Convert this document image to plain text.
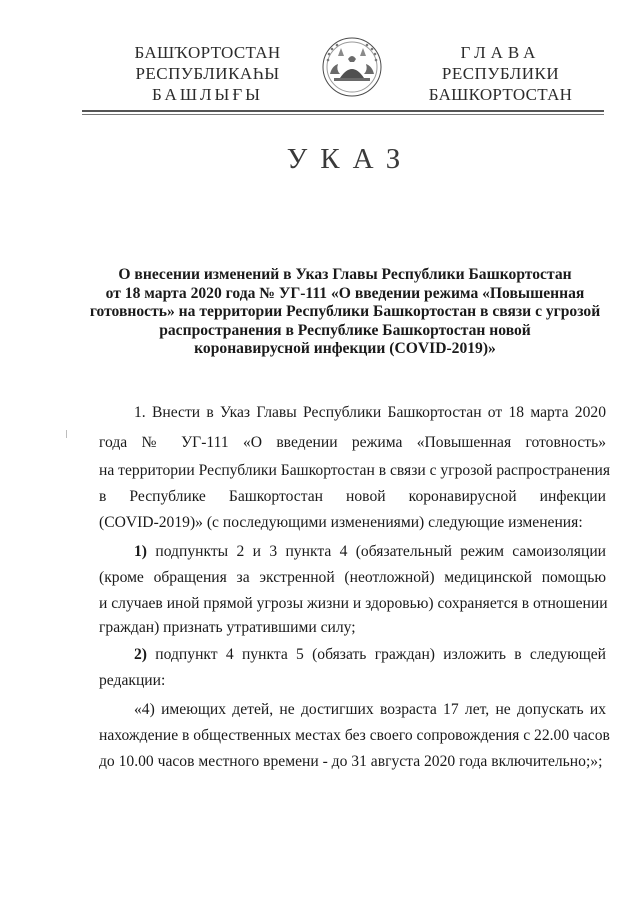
БАШҠОРТОСТАН
РЕСПУБЛИКАҺЫ
БАШЛЫҒЫ
ГЛАВА
РЕСПУБЛИКИ
БАШКОРТОСТАН
УКАЗ
О внесении изменений в Указ Главы Республики Башкортостан
от 18 марта 2020 года № УГ-111 «О введении режима «Повышенная
готовность» на территории Республики Башкортостан в связи с угрозой
распространения в Республике Башкортостан новой
коронавирусной инфекции (COVID-2019)»
1. Внести в Указ Главы Республики Башкортостан от 18 марта 2020
года № УГ-111 «О введении режима «Повышенная готовность»
на территории Республики Башкортостан в связи с угрозой распространения
в Республике Башкортостан новой коронавирусной инфекции
(COVID-2019)» (с последующими изменениями) следующие изменения:
1) подпункты 2 и 3 пункта 4 (обязательный режим самоизоляции
(кроме обращения за экстренной (неотложной) медицинской помощью
и случаев иной прямой угрозы жизни и здоровью) сохраняется в отношении
граждан) признать утратившими силу;
2) подпункт 4 пункта 5 (обязать граждан) изложить в следующей
редакции:
«4) имеющих детей, не достигших возраста 17 лет, не допускать их
нахождение в общественных местах без своего сопровождения с 22.00 часов
до 10.00 часов местного времени - до 31 августа 2020 года включительно;»;
